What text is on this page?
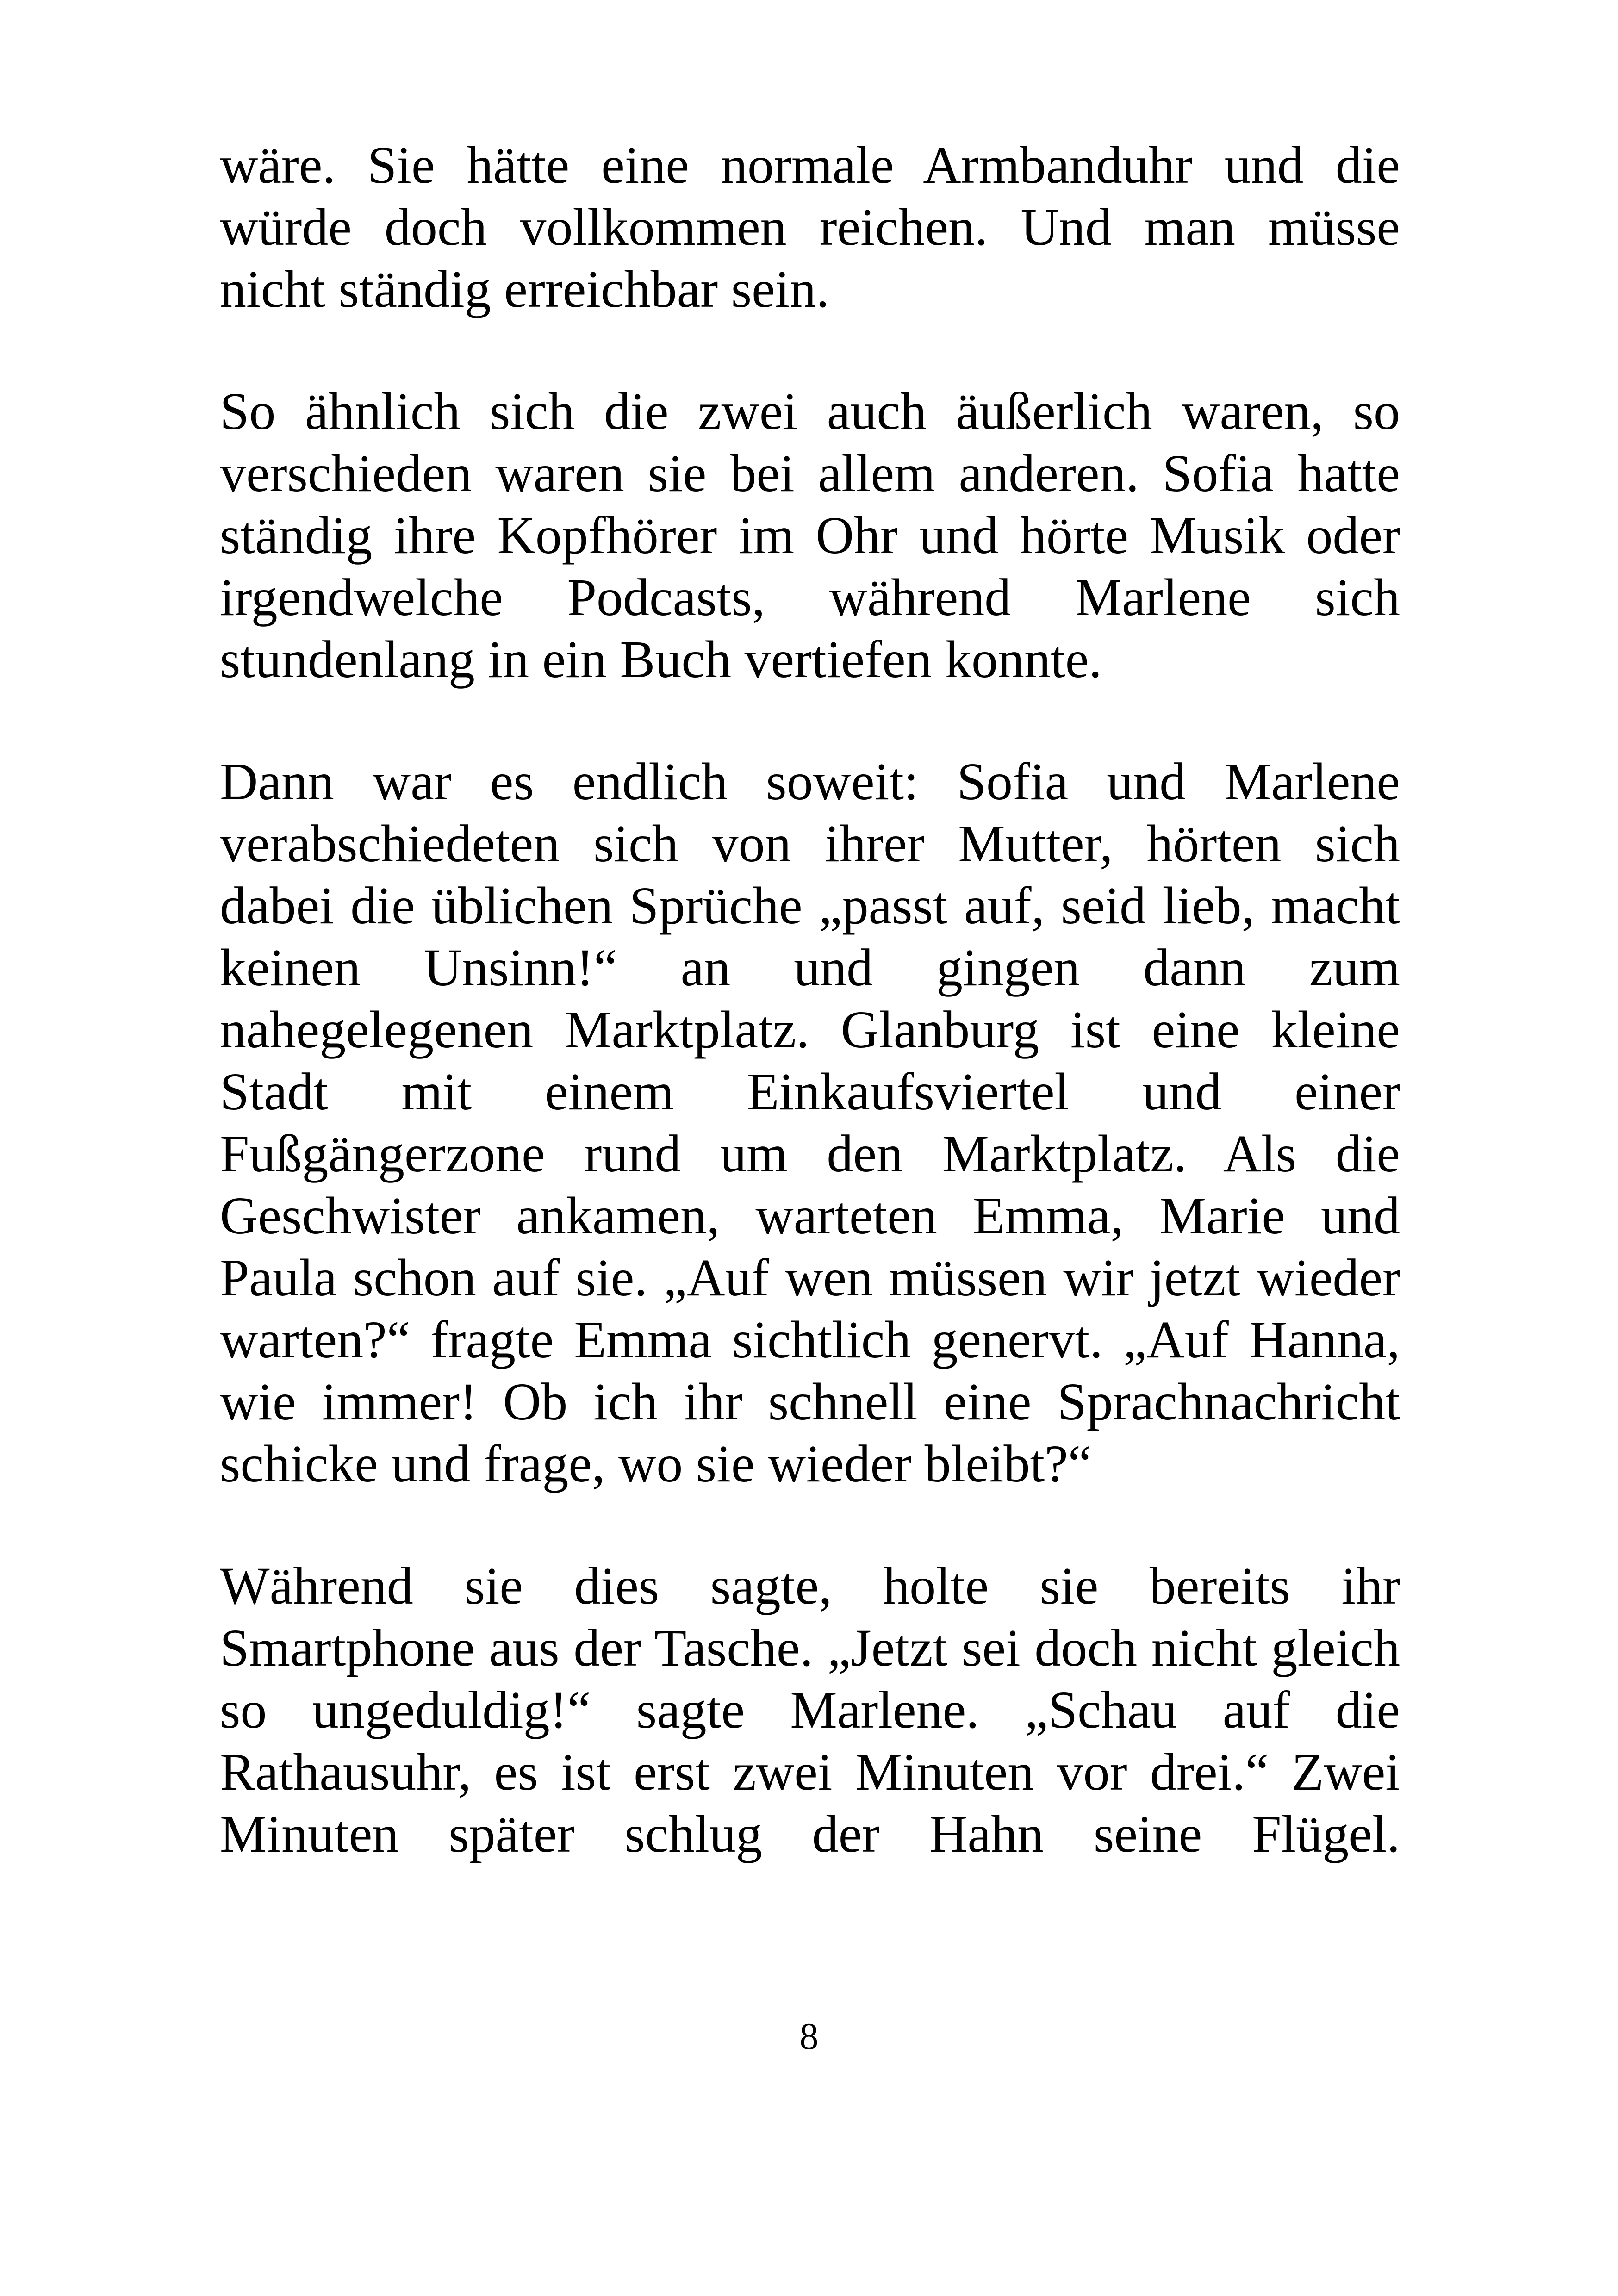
wäre. Sie hätte eine normale Armbanduhr und die würde doch vollkommen reichen. Und man müsse nicht ständig erreichbar sein.

So ähnlich sich die zwei auch äußerlich waren, so verschieden waren sie bei allem anderen. Sofia hatte ständig ihre Kopfhörer im Ohr und hörte Musik oder irgendwelche Podcasts, während Marlene sich stundenlang in ein Buch vertiefen konnte.

Dann war es endlich soweit: Sofia und Marlene verabschiedeten sich von ihrer Mutter, hörten sich dabei die üblichen Sprüche „passt auf, seid lieb, macht keinen Unsinn!“ an und gingen dann zum nahegelegenen Marktplatz. Glanburg ist eine kleine Stadt mit einem Einkaufsviertel und einer Fußgängerzone rund um den Marktplatz. Als die Geschwister ankamen, warteten Emma, Marie und Paula schon auf sie. „Auf wen müssen wir jetzt wieder warten?“ fragte Emma sichtlich genervt. „Auf Hanna, wie immer! Ob ich ihr schnell eine Sprachnachricht schicke und frage, wo sie wieder bleibt?“

Während sie dies sagte, holte sie bereits ihr Smartphone aus der Tasche. „Jetzt sei doch nicht gleich so ungeduldig!“ sagte Marlene. „Schau auf die Rathausuhr, es ist erst zwei Minuten vor drei.“ Zwei Minuten später schlug der Hahn seine Flügel.

8
